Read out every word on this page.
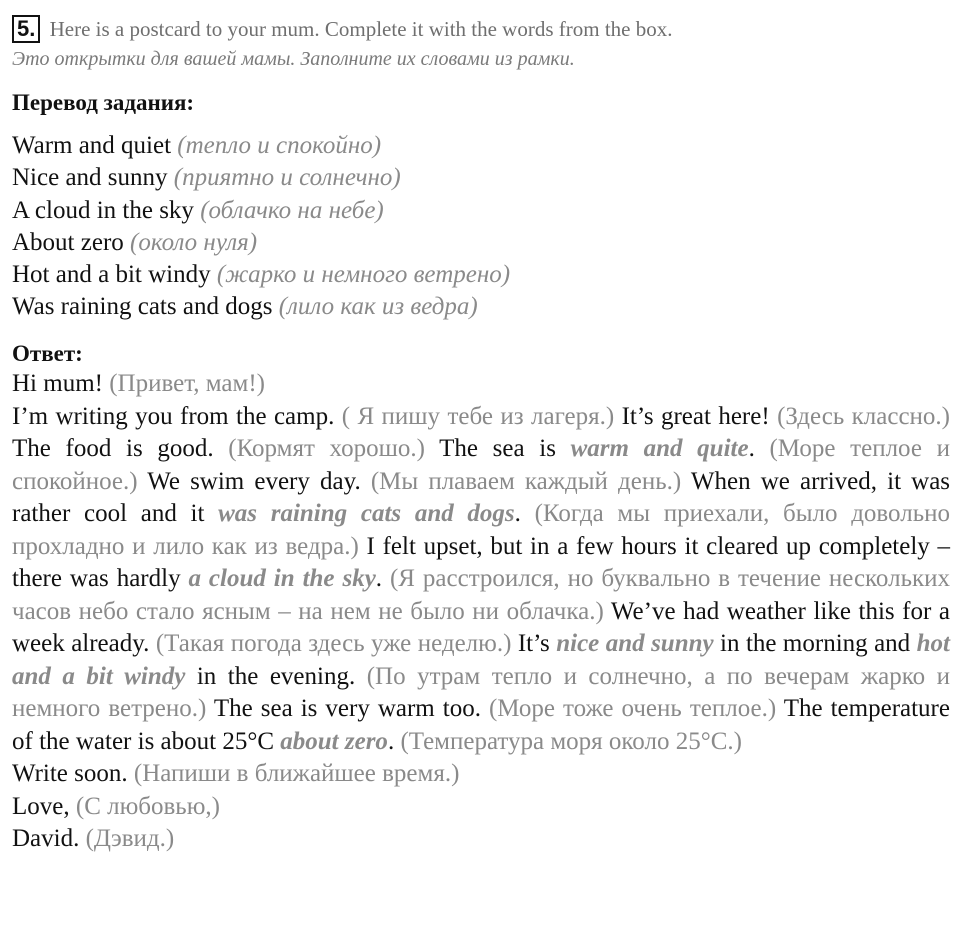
5. Here is a postcard to your mum. Complete it with the words from the box.
Это открытки для вашей мамы. Заполните их словами из рамки.
Перевод задания:
Warm and quiet (тепло и спокойно)
Nice and sunny (приятно и солнечно)
A cloud in the sky (облачко на небе)
About zero (около нуля)
Hot and a bit windy (жарко и немного ветрено)
Was raining cats and dogs (лило как из ведра)
Ответ:
Hi mum! (Привет, мам!)
I’m writing you from the camp. ( Я пишу тебе из лагеря.) It’s great here! (Здесь классно.) The food is good. (Кормят хорошо.) The sea is warm and quite. (Море теплое и спокойное.) We swim every day. (Мы плаваем каждый день.) When we arrived, it was rather cool and it was raining cats and dogs. (Когда мы приехали, было довольно прохладно и лило как из ведра.) I felt upset, but in a few hours it cleared up completely – there was hardly a cloud in the sky. (Я расстроился, но буквально в течение нескольких часов небо стало ясным – на нем не было ни облачка.) We’ve had weather like this for a week already. (Такая погода здесь уже неделю.) It’s nice and sunny in the morning and hot and a bit windy in the evening. (По утрам тепло и солнечно, а по вечерам жарко и немного ветрено.) The sea is very warm too. (Море тоже очень теплое.) The temperature of the water is about 25°C about zero. (Температура моря около 25°C.)
Write soon. (Напиши в ближайшее время.)
Love, (С любовью,)
David. (Дэвид.)
